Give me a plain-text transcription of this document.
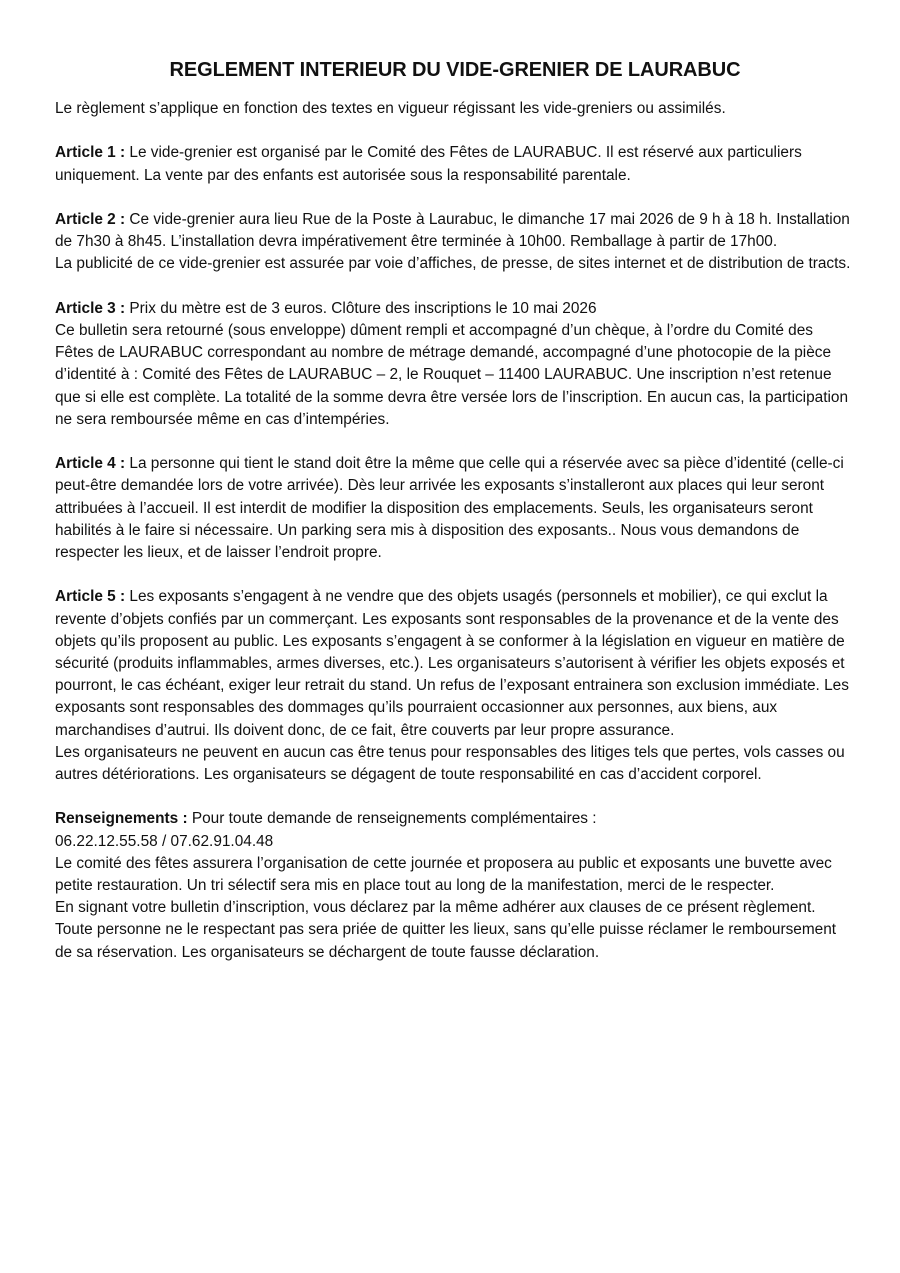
REGLEMENT INTERIEUR DU VIDE-GRENIER DE LAURABUC

Le règlement s’applique en fonction des textes en vigueur régissant les vide-greniers ou assimilés.

Article 1 : Le vide-grenier est organisé par le Comité des Fêtes de LAURABUC. Il est réservé aux particuliers uniquement. La vente par des enfants est autorisée sous la responsabilité parentale.

Article 2 : Ce vide-grenier aura lieu Rue de la Poste à Laurabuc, le dimanche 17 mai 2026 de 9 h à 18 h. Installation de 7h30 à 8h45. L’installation devra impérativement être terminée à 10h00. Remballage à partir de 17h00.

La publicité de ce vide-grenier est assurée par voie d’affiches, de presse, de sites internet et de distribution de tracts.

Article 3 : Prix du mètre est de 3 euros. Clôture des inscriptions le 10 mai 2026

Ce bulletin sera retourné (sous enveloppe) dûment rempli et accompagné d’un chèque, à l’ordre du Comité des Fêtes de LAURABUC correspondant au nombre de métrage demandé, accompagné d’une photocopie de la pièce d’identité à : Comité des Fêtes de LAURABUC – 2, le Rouquet – 11400 LAURABUC. Une inscription n’est retenue que si elle est complète. La totalité de la somme devra être versée lors de l’inscription. En aucun cas, la participation ne sera remboursée même en cas d’intempéries.

Article 4 : La personne qui tient le stand doit être la même que celle qui a réservée avec sa pièce d’identité (celle-ci peut-être demandée lors de votre arrivée). Dès leur arrivée les exposants s’installeront aux places qui leur seront attribuées à l’accueil. Il est interdit de modifier la disposition des emplacements. Seuls, les organisateurs seront habilités à le faire si nécessaire. Un parking sera mis à disposition des exposants.. Nous vous demandons de respecter les lieux, et de laisser l’endroit propre.

Article 5 : Les exposants s’engagent à ne vendre que des objets usagés (personnels et mobilier), ce qui exclut la revente d’objets confiés par un commerçant. Les exposants sont responsables de la provenance et de la vente des objets qu’ils proposent au public. Les exposants s’engagent à se conformer à la législation en vigueur en matière de sécurité (produits inflammables, armes diverses, etc.). Les organisateurs s’autorisent à vérifier les objets exposés et pourront, le cas échéant, exiger leur retrait du stand. Un refus de l’exposant entrainera son exclusion immédiate. Les exposants sont responsables des dommages qu’ils pourraient occasionner aux personnes, aux biens, aux marchandises d’autrui. Ils doivent donc, de ce fait, être couverts par leur propre assurance.

Les organisateurs ne peuvent en aucun cas être tenus pour responsables des litiges tels que pertes, vols casses ou autres détériorations. Les organisateurs se dégagent de toute responsabilité en cas d’accident corporel.

Renseignements : Pour toute demande de renseignements complémentaires :

06.22.12.55.58 / 07.62.91.04.48

Le comité des fêtes assurera l’organisation de cette journée et proposera au public et exposants une buvette avec petite restauration. Un tri sélectif sera mis en place tout au long de la manifestation, merci de le respecter.

En signant votre bulletin d’inscription, vous déclarez par la même adhérer aux clauses de ce présent règlement. Toute personne ne le respectant pas sera priée de quitter les lieux, sans qu’elle puisse réclamer le remboursement de sa réservation. Les organisateurs se déchargent de toute fausse déclaration.
